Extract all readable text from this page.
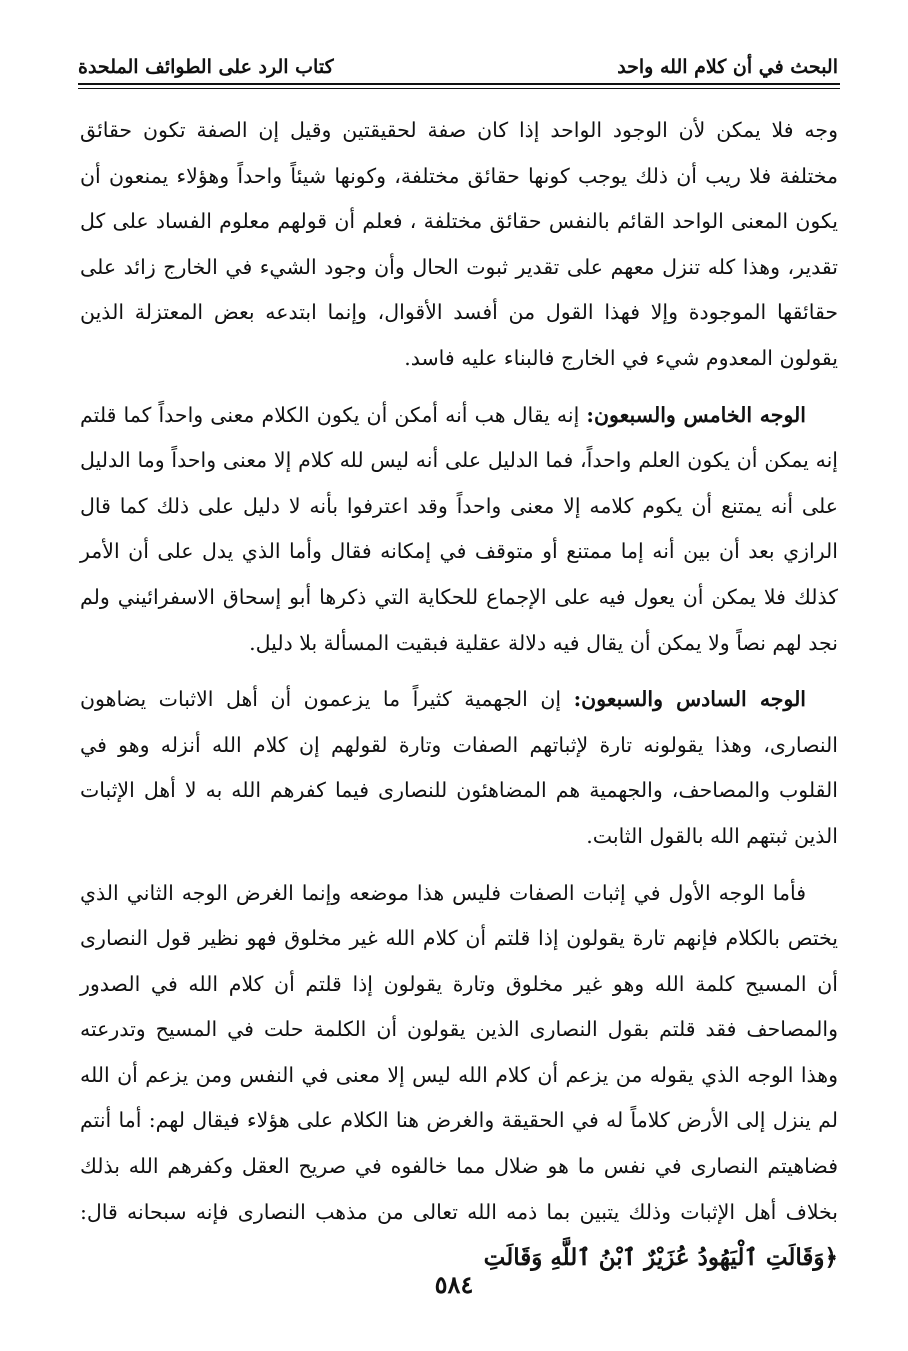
البحث في أن كلام الله واحد
كتاب الرد على الطوائف الملحدة

وجه فلا يمكن لأن الوجود الواحد إذا كان صفة لحقيقتين وقيل إن الصفة تكون حقائق مختلفة فلا ريب أن ذلك يوجب كونها حقائق مختلفة، وكونها شيئاً واحداً وهؤلاء يمنعون أن يكون المعنى الواحد القائم بالنفس حقائق مختلفة ، فعلم أن قولهم معلوم الفساد على كل تقدير، وهذا كله تنزل معهم على تقدير ثبوت الحال وأن وجود الشيء في الخارج زائد على حقائقها الموجودة وإلا فهذا القول من أفسد الأقوال، وإنما ابتدعه بعض المعتزلة الذين يقولون المعدوم شيء في الخارج فالبناء عليه فاسد.

الوجه الخامس والسبعون: إنه يقال هب أنه أمكن أن يكون الكلام معنى واحداً كما قلتم إنه يمكن أن يكون العلم واحداً، فما الدليل على أنه ليس لله كلام إلا معنى واحداً وما الدليل على أنه يمتنع أن يكوم كلامه إلا معنى واحداً وقد اعترفوا بأنه لا دليل على ذلك كما قال الرازي بعد أن بين أنه إما ممتنع أو متوقف في إمكانه فقال وأما الذي يدل على أن الأمر كذلك فلا يمكن أن يعول فيه على الإجماع للحكاية التي ذكرها أبو إسحاق الاسفرائيني ولم نجد لهم نصاً ولا يمكن أن يقال فيه دلالة عقلية فبقيت المسألة بلا دليل.

الوجه السادس والسبعون: إن الجهمية كثيراً ما يزعمون أن أهل الاثبات يضاهون النصارى، وهذا يقولونه تارة لإثباتهم الصفات وتارة لقولهم إن كلام الله أنزله وهو في القلوب والمصاحف، والجهمية هم المضاهئون للنصارى فيما كفرهم الله به لا أهل الإثبات الذين ثبتهم الله بالقول الثابت.

فأما الوجه الأول في إثبات الصفات فليس هذا موضعه وإنما الغرض الوجه الثاني الذي يختص بالكلام فإنهم تارة يقولون إذا قلتم أن كلام الله غير مخلوق فهو نظير قول النصارى أن المسيح كلمة الله وهو غير مخلوق وتارة يقولون إذا قلتم أن كلام الله في الصدور والمصاحف فقد قلتم بقول النصارى الذين يقولون أن الكلمة حلت في المسيح وتدرعته وهذا الوجه الذي يقوله من يزعم أن كلام الله ليس إلا معنى في النفس ومن يزعم أن الله لم ينزل إلى الأرض كلاماً له في الحقيقة والغرض هنا الكلام على هؤلاء فيقال لهم: أما أنتم فضاهيتم النصارى في نفس ما هو ضلال مما خالفوه في صريح العقل وكفرهم الله بذلك بخلاف أهل الإثبات وذلك يتبين بما ذمه الله تعالى من مذهب النصارى فإنه سبحانه قال: ﴿وَقَالَتِ ٱلْيَهُودُ عُزَيْرٌ ٱبْنُ ٱللَّهِ وَقَالَتِ

٥٨٤
